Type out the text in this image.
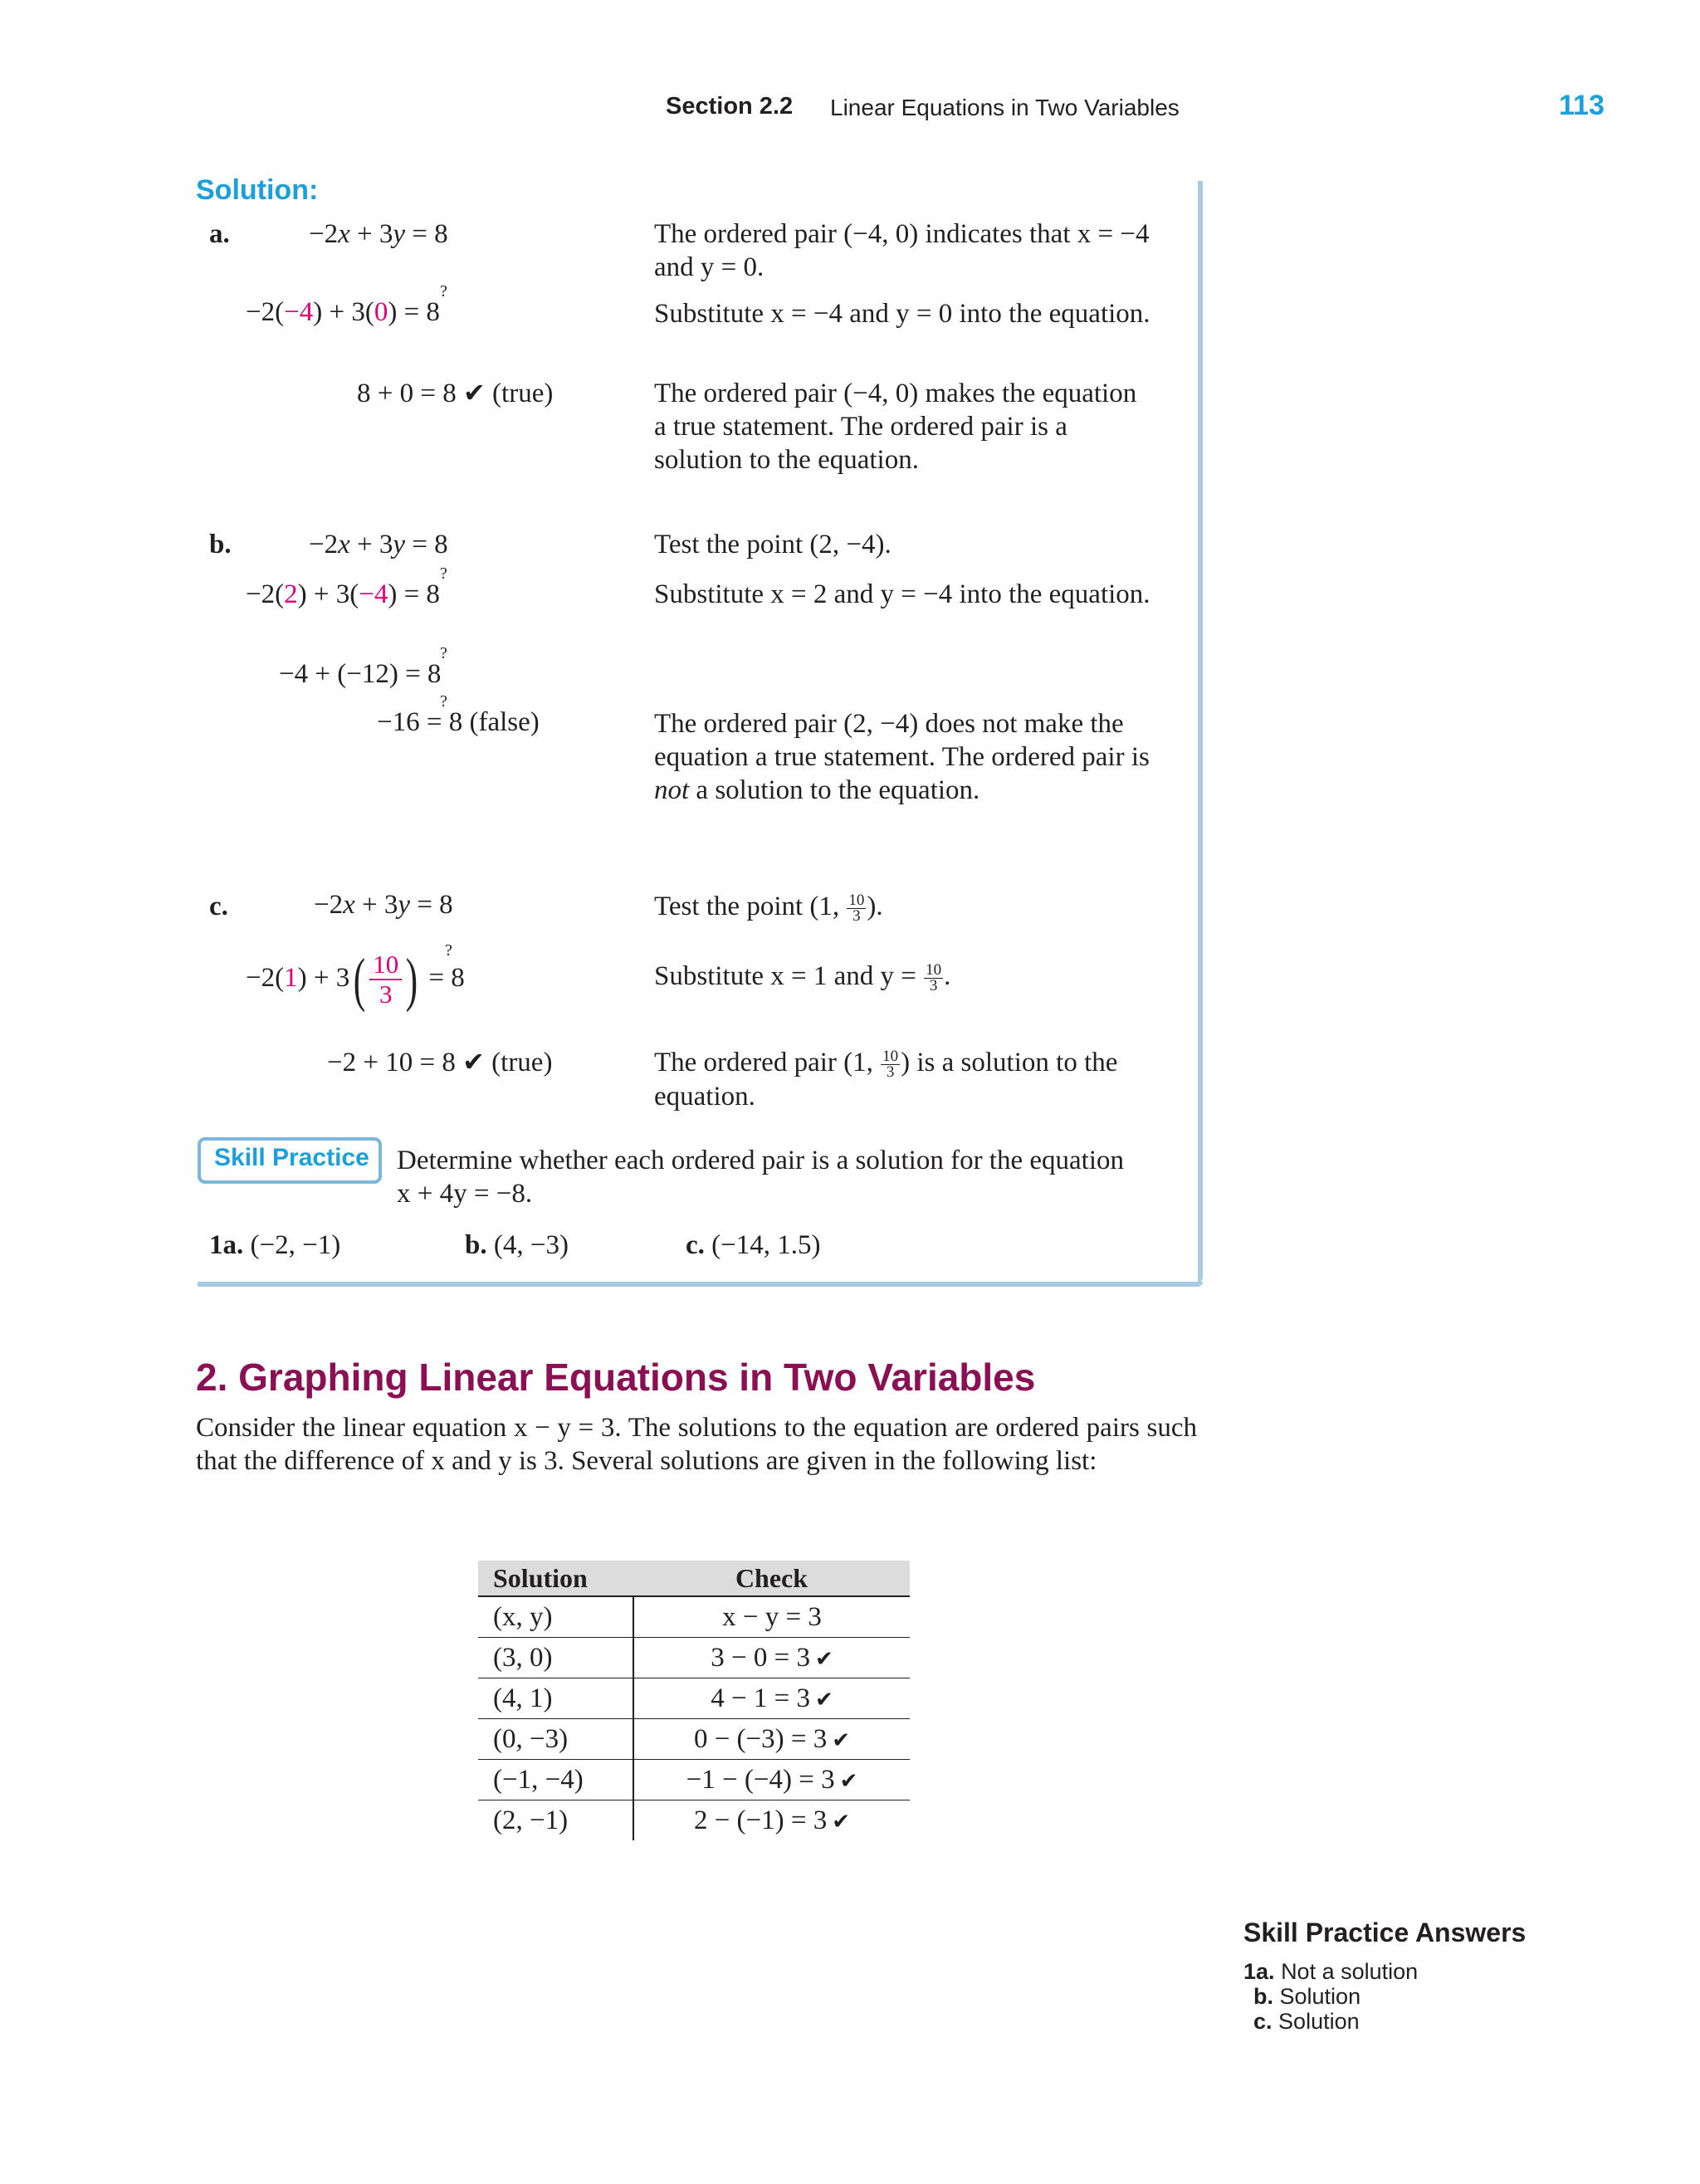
Section 2.2 Linear Equations in Two Variables	113
Solution:
a.	−2x + 3y = 8	The ordered pair (−4, 0) indicates that x = −4 and y = 0.
−2(−4) + 3(0) = 8
?
Substitute x = −4 and y = 0 into the equation.
8 + 0 = 8 ✔ (true)	The ordered pair (−4, 0) makes the equation a true statement. The ordered pair is a solution to the equation.
b.	−2x + 3y = 8	Test the point (2, −4).
−2(2) + 3(−4) = 8
?
Substitute x = 2 and y = −4 into the equation.
−4 + (−12) = 8
?
−16 = 8 (false)
?
The ordered pair (2, −4) does not make the equation a true statement. The ordered pair is not a solution to the equation.
c.	−2x + 3y = 8	Test the point (1, $\frac{10}{3}$ ).
$-2(1) + 3( \frac{10}{3}$ ) = 8
?
Substitute x = 1 and $y = \frac{10}{3}$ .
−2 + 10 = 8 ✔ (true)	The ordered pair (1, $\frac{10}{3}$ ) is a solution to the equation.
Skill Practice Determine whether each ordered pair is a solution for the equation x + 4y = −8.
1a. (−2, −1)	b. (4, −3)	c. (−14, 1.5)
2. Graphing Linear Equations in Two Variables
Consider the linear equation x − y = 3. The solutions to the equation are ordered pairs such that the difference of x and y is 3. Several solutions are given in the following list:
Solution	Check
(x, y)	x − y = 3
(3, 0)	3 − 0 = 3 ✔
(4, 1)	4 − 1 = 3 ✔
(0, −3)	0 − (−3) = 3 ✔
(−1, −4)	−1 − (−4) = 3 ✔
(2, −1)	2 − (−1) = 3 ✔
Skill Practice Answers
1a. Not a solution
b. Solution
c. Solution
